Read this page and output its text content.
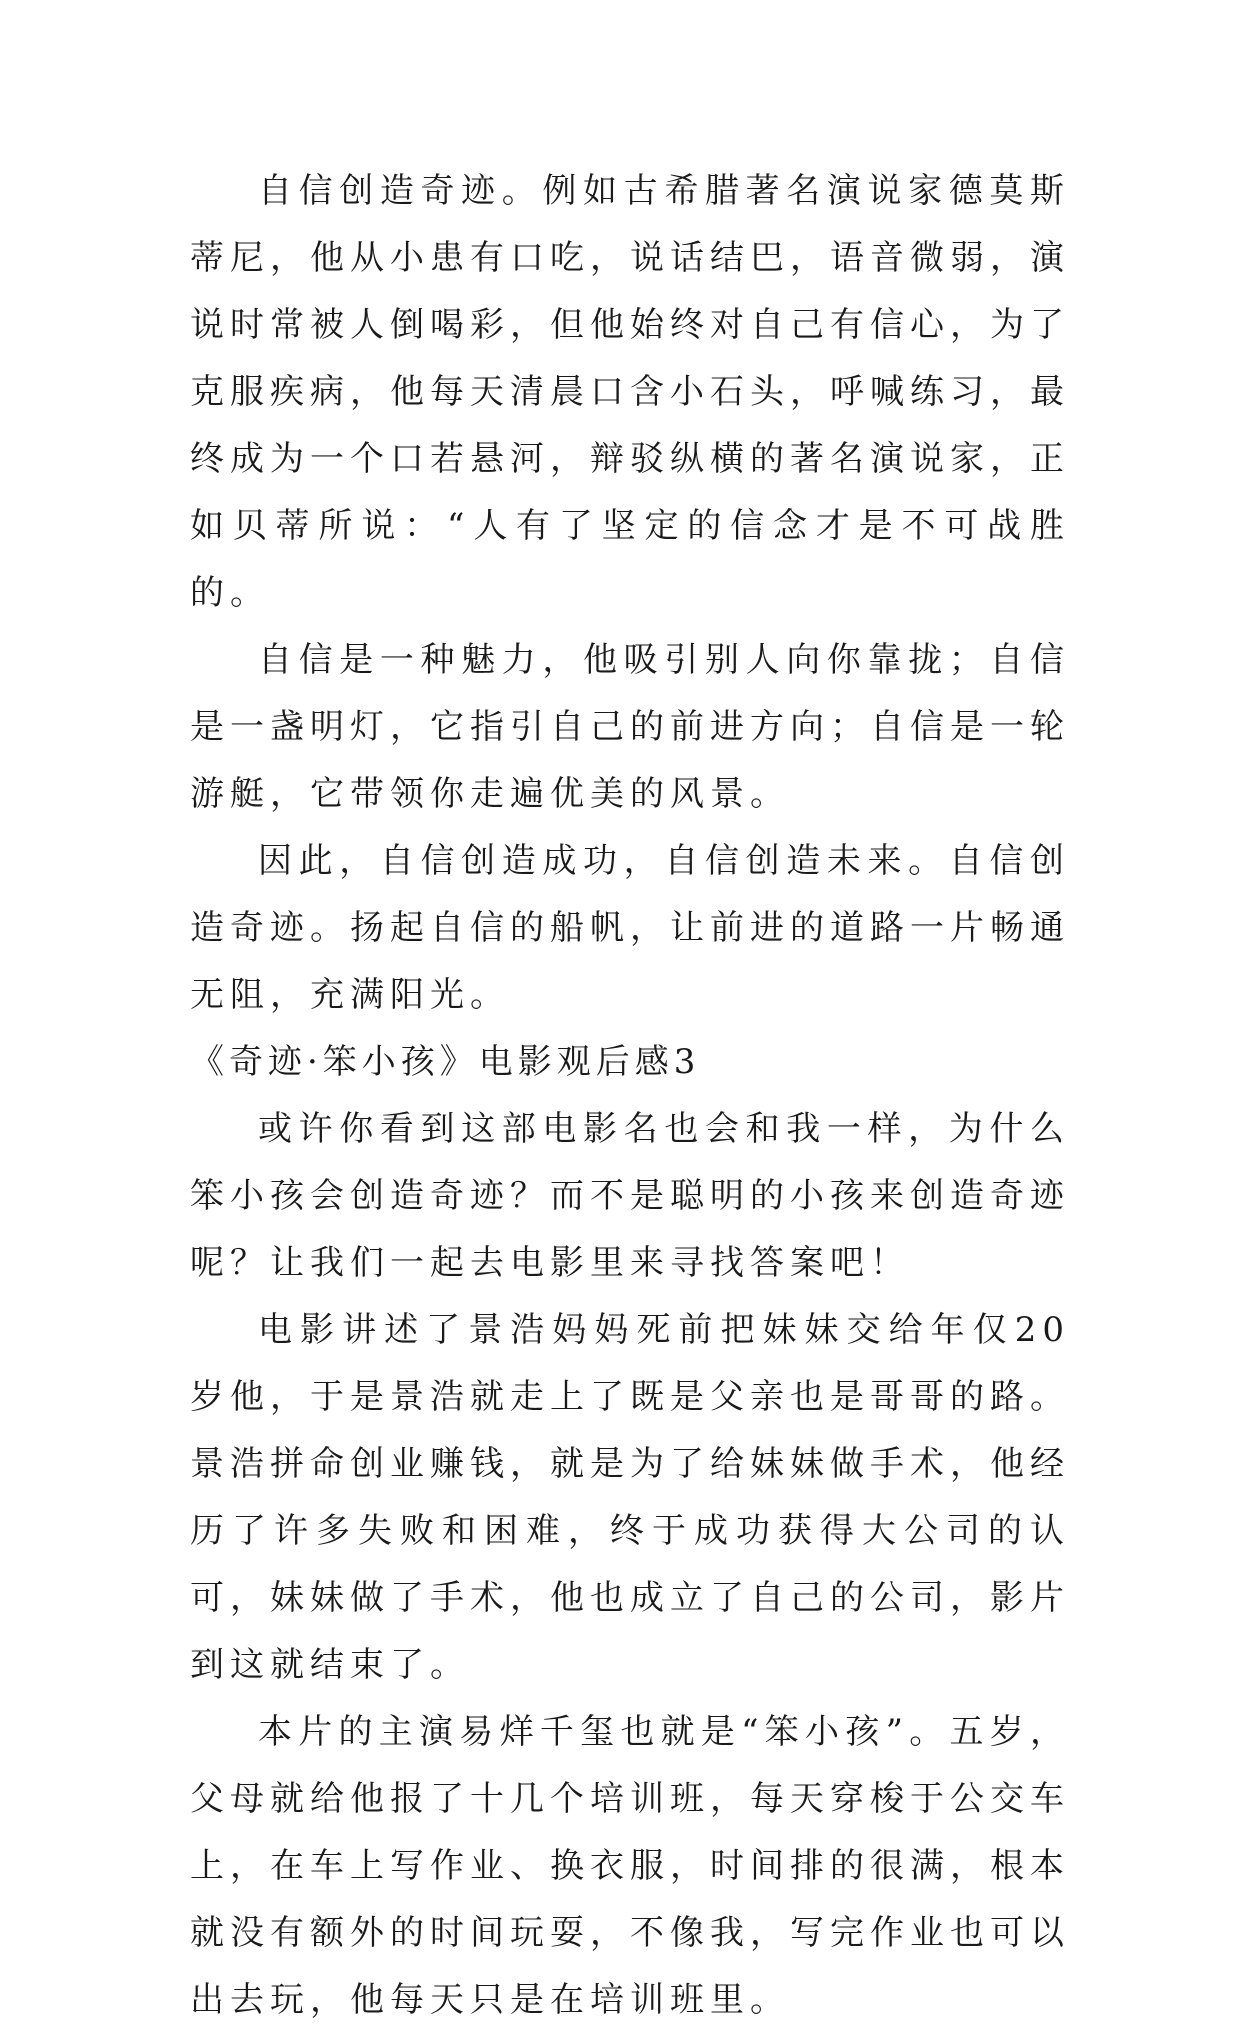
自信创造奇迹。例如古希腊著名演说家德莫斯蒂尼，他从小患有口吃，说话结巴，语音微弱，演说时常被人倒喝彩，但他始终对自己有信心，为了克服疾病，他每天清晨口含小石头，呼喊练习，最终成为一个口若悬河，辩驳纵横的著名演说家，正如贝蒂所说：“人有了坚定的信念才是不可战胜的。

自信是一种魅力，他吸引别人向你靠拢；自信是一盏明灯，它指引自己的前进方向；自信是一轮游艇，它带领你走遍优美的风景。

因此，自信创造成功，自信创造未来。自信创造奇迹。扬起自信的船帆，让前进的道路一片畅通无阻，充满阳光。

《奇迹·笨小孩》电影观后感3

或许你看到这部电影名也会和我一样，为什么笨小孩会创造奇迹？而不是聪明的小孩来创造奇迹呢？让我们一起去电影里来寻找答案吧！

电影讲述了景浩妈妈死前把妹妹交给年仅20岁他，于是景浩就走上了既是父亲也是哥哥的路。景浩拼命创业赚钱，就是为了给妹妹做手术，他经历了许多失败和困难，终于成功获得大公司的认可，妹妹做了手术，他也成立了自己的公司，影片到这就结束了。

本片的主演易烊千玺也就是“笨小孩”。五岁，父母就给他报了十几个培训班，每天穿梭于公交车上，在车上写作业、换衣服，时间排的很满，根本就没有额外的时间玩耍，不像我，写完作业也可以出去玩，他每天只是在培训班里。
